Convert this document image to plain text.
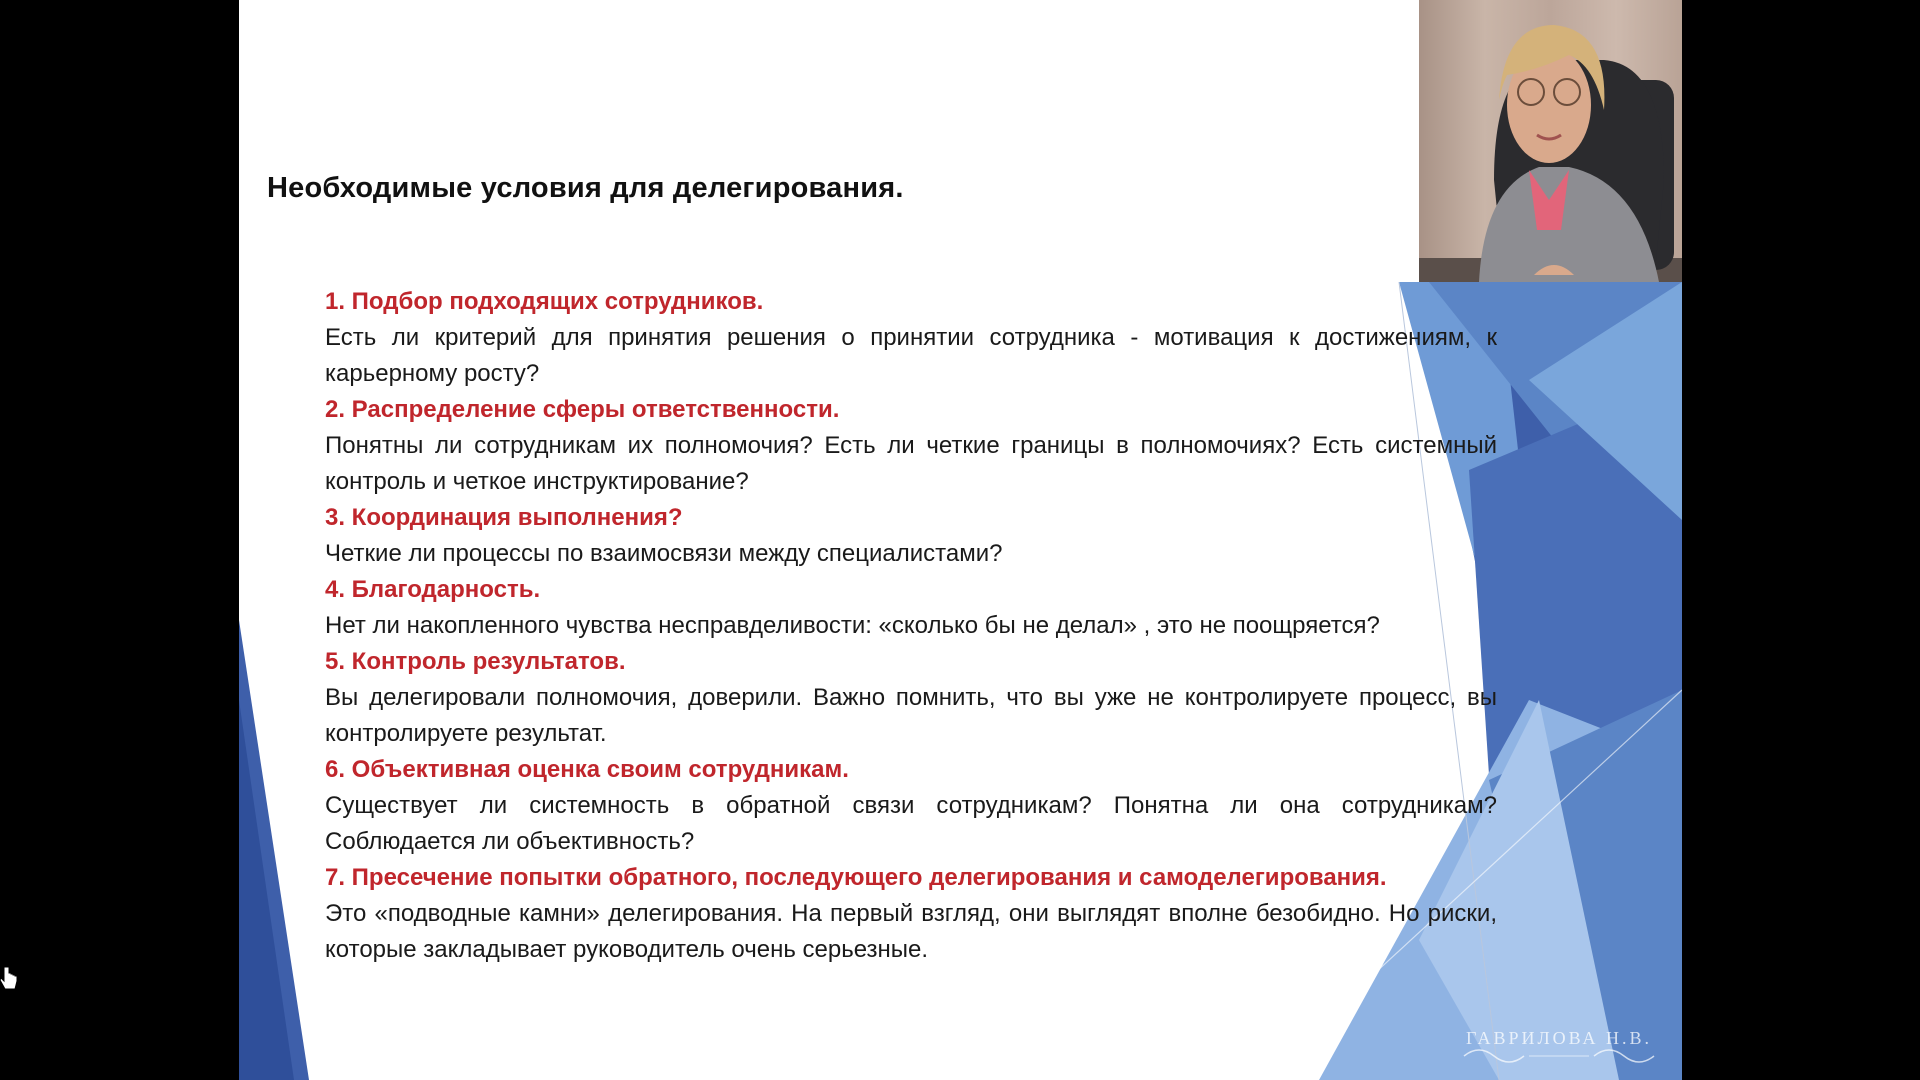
Необходимые условия для делегирования.
1. Подбор подходящих сотрудников.
Есть ли критерий для принятия решения о принятии сотрудника - мотивация к достижениям, к карьерному росту?
2. Распределение сферы ответственности.
Понятны ли сотрудникам их полномочия? Есть ли четкие границы в полномочиях? Есть системный контроль и четкое инструктирование?
3. Координация выполнения?
Четкие ли процессы по взаимосвязи между специалистами?
4. Благодарность.
Нет ли накопленного чувства несправделивости: «сколько бы не делал» , это не поощряется?
5. Контроль результатов.
Вы делегировали полномочия, доверили. Важно помнить, что вы уже не контролируете процесс, вы контролируете результат.
6. Объективная оценка своим сотрудникам.
Существует ли системность в обратной связи сотрудникам? Понятна ли она сотрудникам? Соблюдается ли объективность?
7. Пресечение попытки обратного, последующего делегирования и самоделегирования.
Это «подводные камни» делегирования. На первый взгляд, они выглядят вполне безобидно. Но риски, которые закладывает руководитель очень серьезные.
ГАВРИЛОВА Н.В.
